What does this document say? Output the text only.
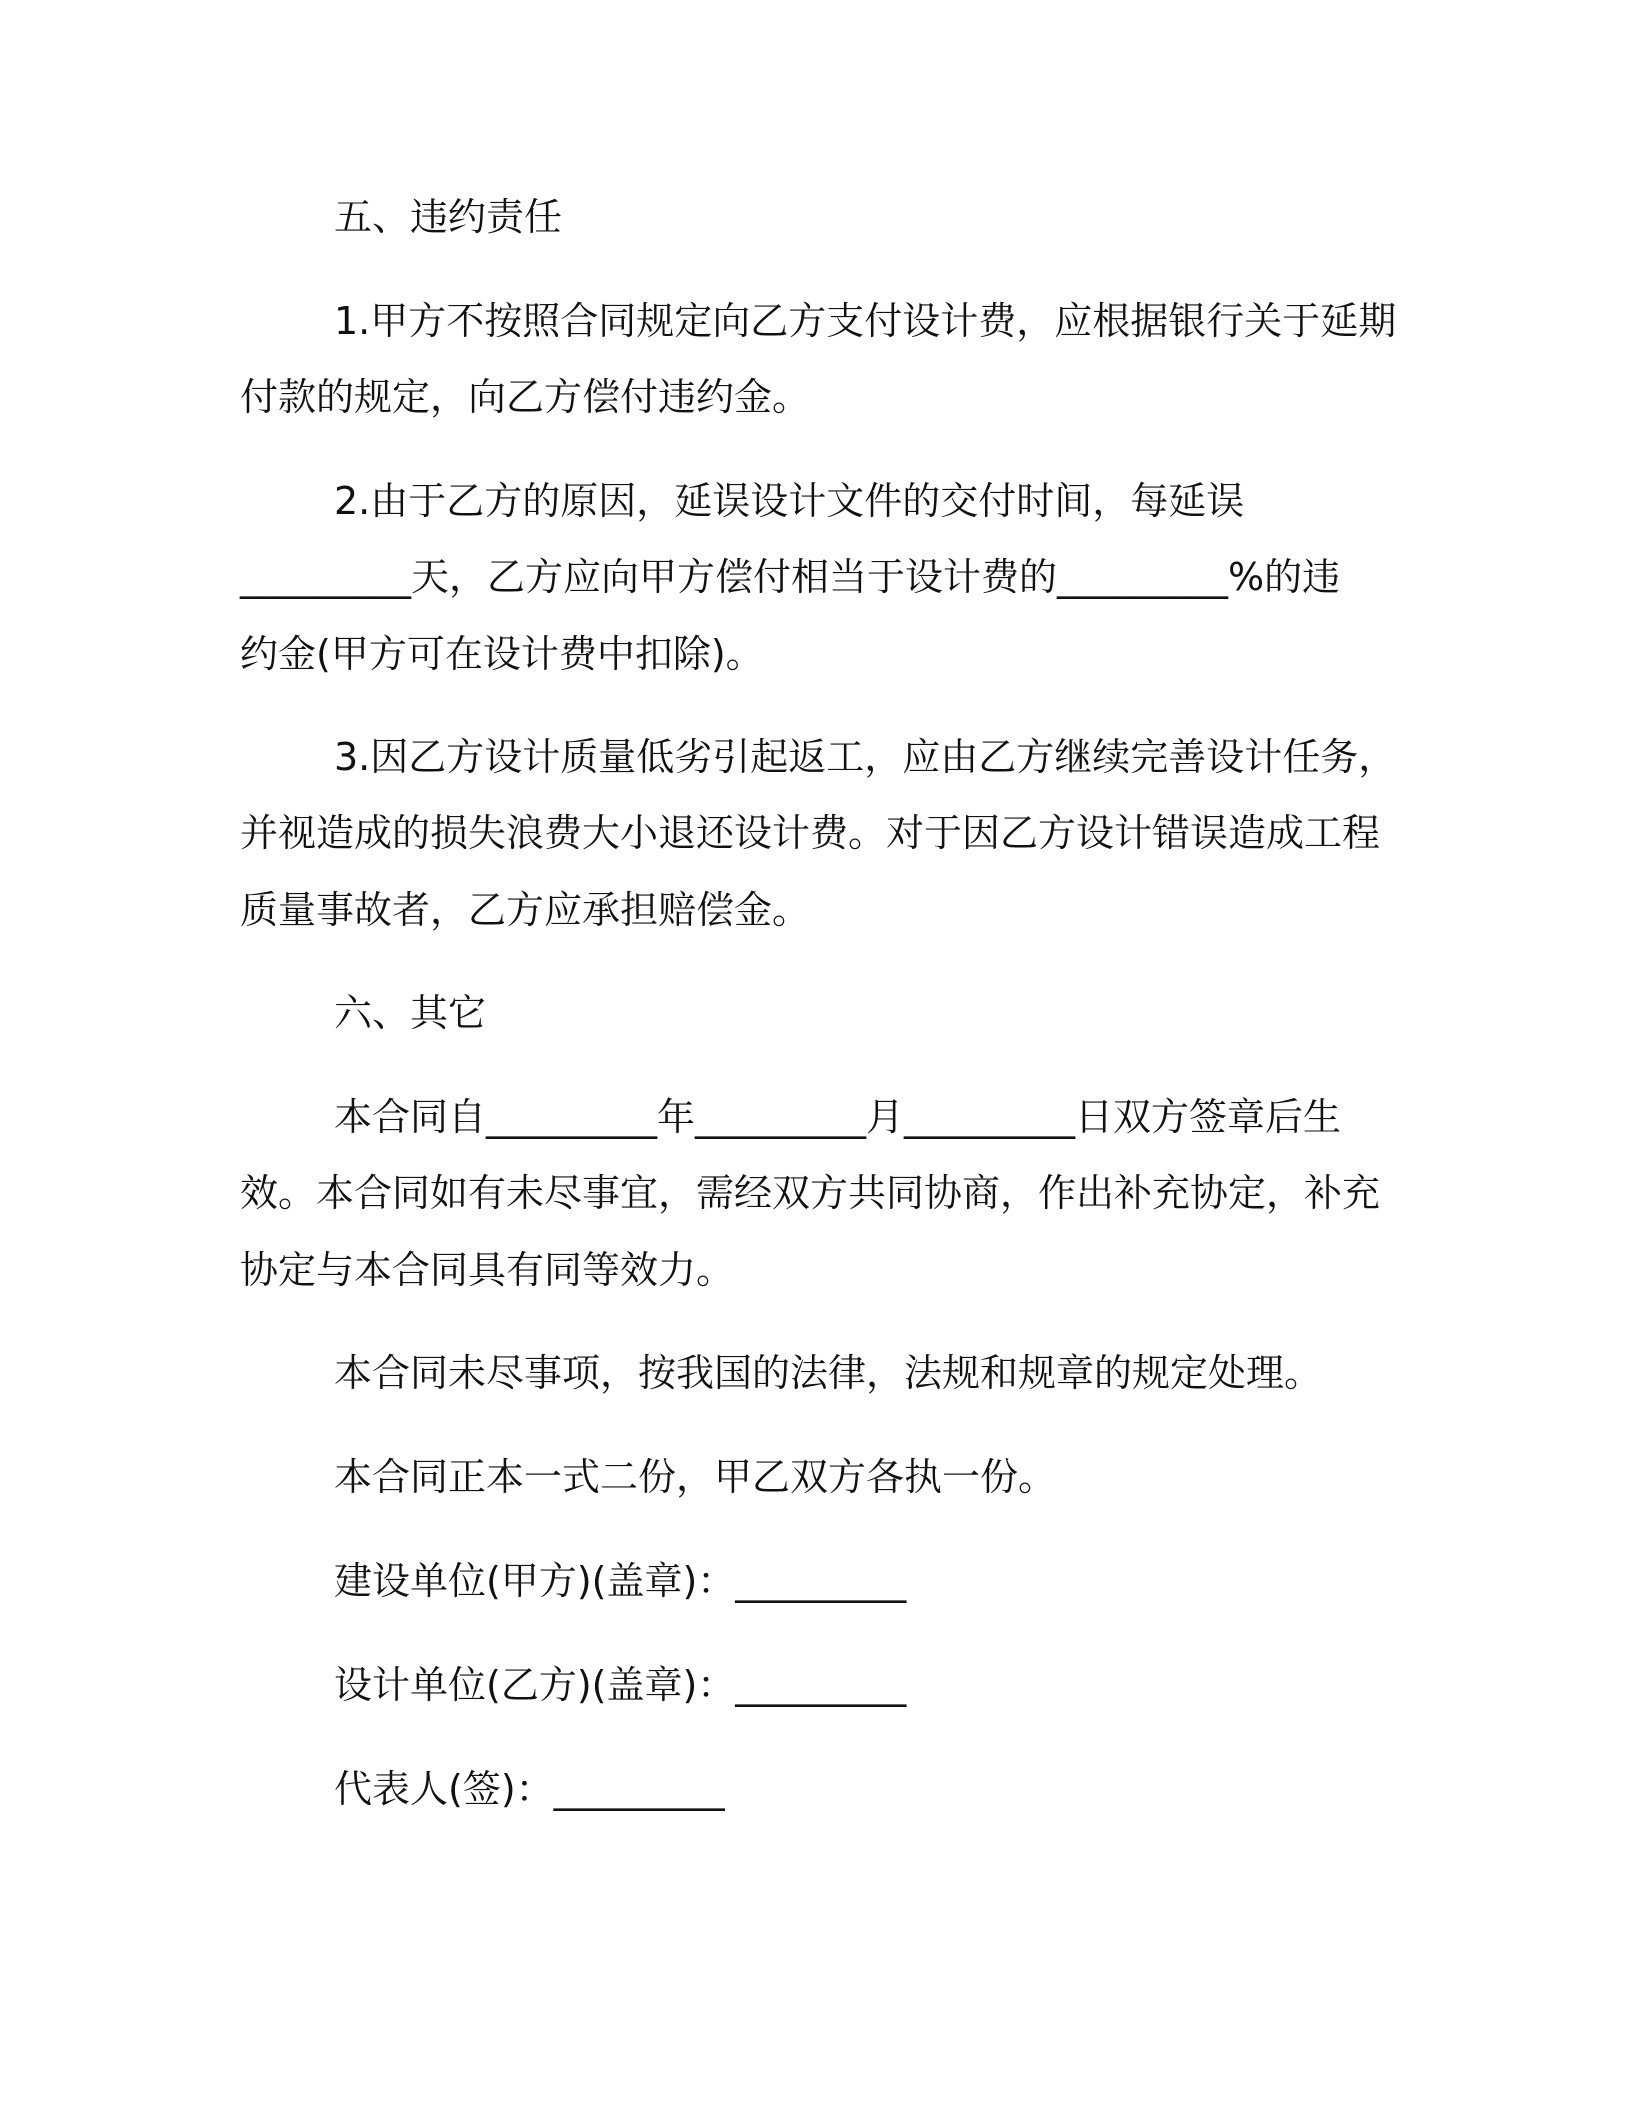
五、违约责任
1.甲方不按照合同规定向乙方支付设计费，应根据银行关于延期
付款的规定，向乙方偿付违约金。
2.由于乙方的原因，延误设计文件的交付时间，每延误
_________天，乙方应向甲方偿付相当于设计费的_________%的违
约金(甲方可在设计费中扣除)。
3.因乙方设计质量低劣引起返工，应由乙方继续完善设计任务，
并视造成的损失浪费大小退还设计费。对于因乙方设计错误造成工程
质量事故者，乙方应承担赔偿金。
六、其它
本合同自_________年_________月_________日双方签章后生
效。本合同如有未尽事宜，需经双方共同协商，作出补充协定，补充
协定与本合同具有同等效力。
本合同未尽事项，按我国的法律，法规和规章的规定处理。
本合同正本一式二份，甲乙双方各执一份。
建设单位(甲方)(盖章)：_________
设计单位(乙方)(盖章)：_________
代表人(签)：_________
